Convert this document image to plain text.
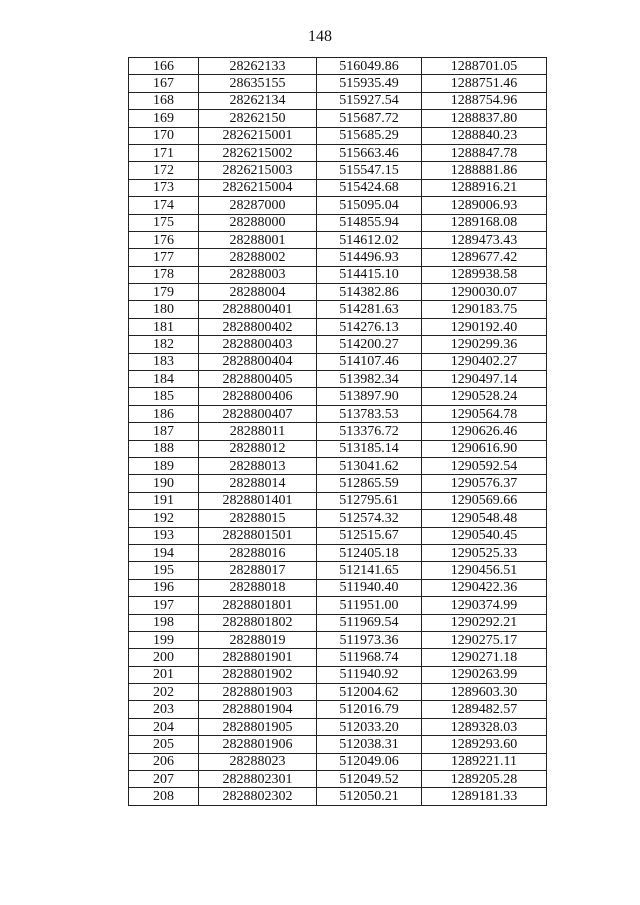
148
166	28262133	516049.86	1288701.05
167	28635155	515935.49	1288751.46
168	28262134	515927.54	1288754.96
169	28262150	515687.72	1288837.80
170	2826215001	515685.29	1288840.23
171	2826215002	515663.46	1288847.78
172	2826215003	515547.15	1288881.86
173	2826215004	515424.68	1288916.21
174	28287000	515095.04	1289006.93
175	28288000	514855.94	1289168.08
176	28288001	514612.02	1289473.43
177	28288002	514496.93	1289677.42
178	28288003	514415.10	1289938.58
179	28288004	514382.86	1290030.07
180	2828800401	514281.63	1290183.75
181	2828800402	514276.13	1290192.40
182	2828800403	514200.27	1290299.36
183	2828800404	514107.46	1290402.27
184	2828800405	513982.34	1290497.14
185	2828800406	513897.90	1290528.24
186	2828800407	513783.53	1290564.78
187	28288011	513376.72	1290626.46
188	28288012	513185.14	1290616.90
189	28288013	513041.62	1290592.54
190	28288014	512865.59	1290576.37
191	2828801401	512795.61	1290569.66
192	28288015	512574.32	1290548.48
193	2828801501	512515.67	1290540.45
194	28288016	512405.18	1290525.33
195	28288017	512141.65	1290456.51
196	28288018	511940.40	1290422.36
197	2828801801	511951.00	1290374.99
198	2828801802	511969.54	1290292.21
199	28288019	511973.36	1290275.17
200	2828801901	511968.74	1290271.18
201	2828801902	511940.92	1290263.99
202	2828801903	512004.62	1289603.30
203	2828801904	512016.79	1289482.57
204	2828801905	512033.20	1289328.03
205	2828801906	512038.31	1289293.60
206	28288023	512049.06	1289221.11
207	2828802301	512049.52	1289205.28
208	2828802302	512050.21	1289181.33
